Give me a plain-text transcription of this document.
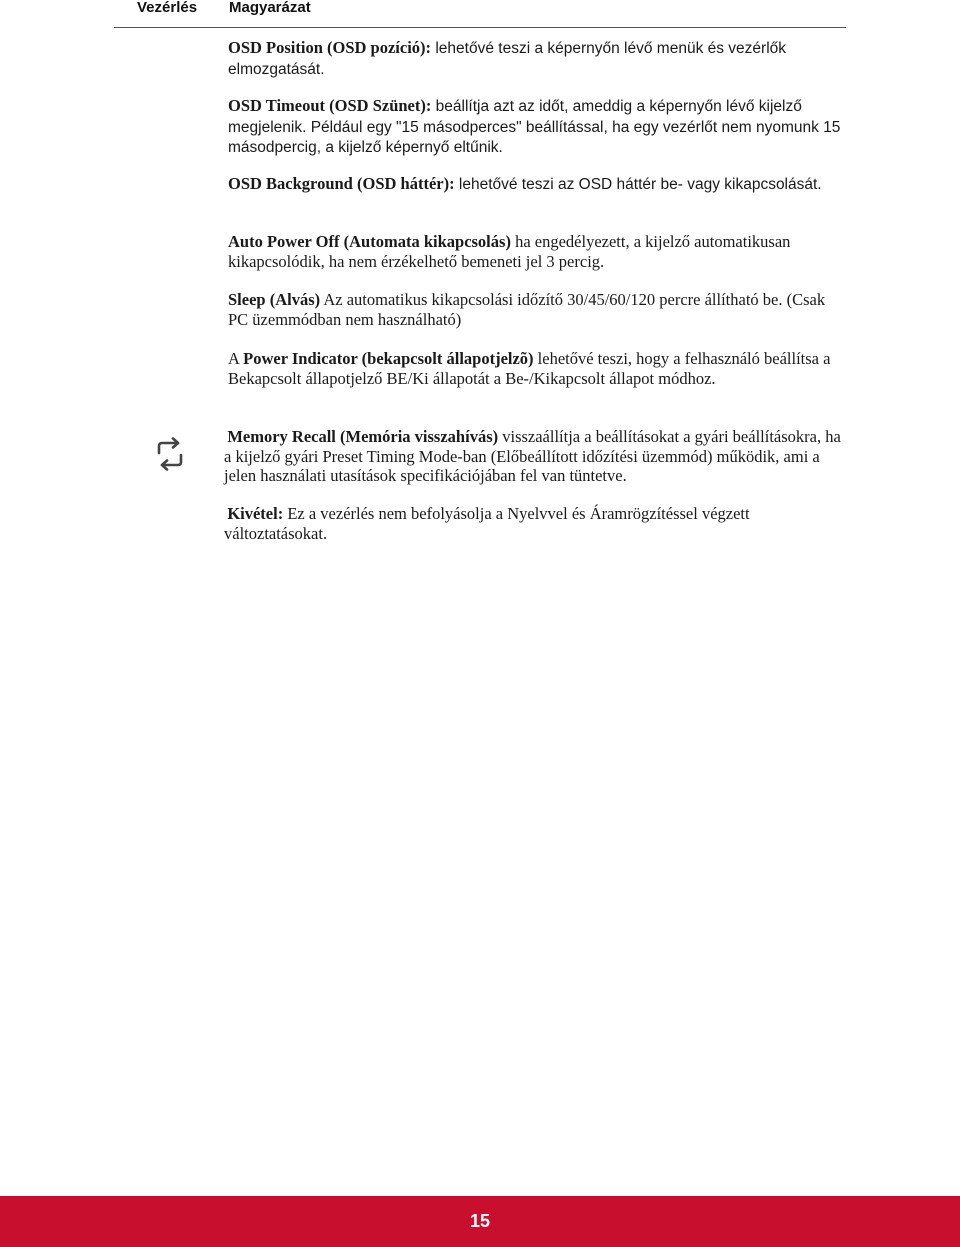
Vezérlés Magyarázat

OSD Position (OSD pozíció): lehetővé teszi a képernyőn lévő menük és vezérlők elmozgatását.

OSD Timeout (OSD Szünet): beállítja azt az időt, ameddig a képernyőn lévő kijelző megjelenik. Például egy "15 másodperces" beállítással, ha egy vezérlőt nem nyomunk 15 másodpercig, a kijelző képernyő eltűnik.

OSD Background (OSD háttér): lehetővé teszi az OSD háttér be- vagy kikapcsolását.

Auto Power Off (Automata kikapcsolás) ha engedélyezett, a kijelző automatikusan kikapcsolódik, ha nem érzékelhető bemeneti jel 3 percig.

Sleep (Alvás) Az automatikus kikapcsolási időzítő 30/45/60/120 percre állítható be. (Csak PC üzemmódban nem használható)

A Power Indicator (bekapcsolt állapotjelzõ) lehetővé teszi, hogy a felhasználó beállítsa a Bekapcsolt állapotjelző BE/Ki állapotát a Be-/Kikapcsolt állapot módhoz.

 Memory Recall (Memória visszahívás) visszaállítja a beállításokat a gyári beállításokra, ha a kijelző gyári Preset Timing Mode-ban (Előbeállított időzítési üzemmód) működik, ami a jelen használati utasítások specifikációjában fel van tüntetve.

 Kivétel: Ez a vezérlés nem befolyásolja a Nyelvvel és Áramrögzítéssel végzett változtatásokat.

15
